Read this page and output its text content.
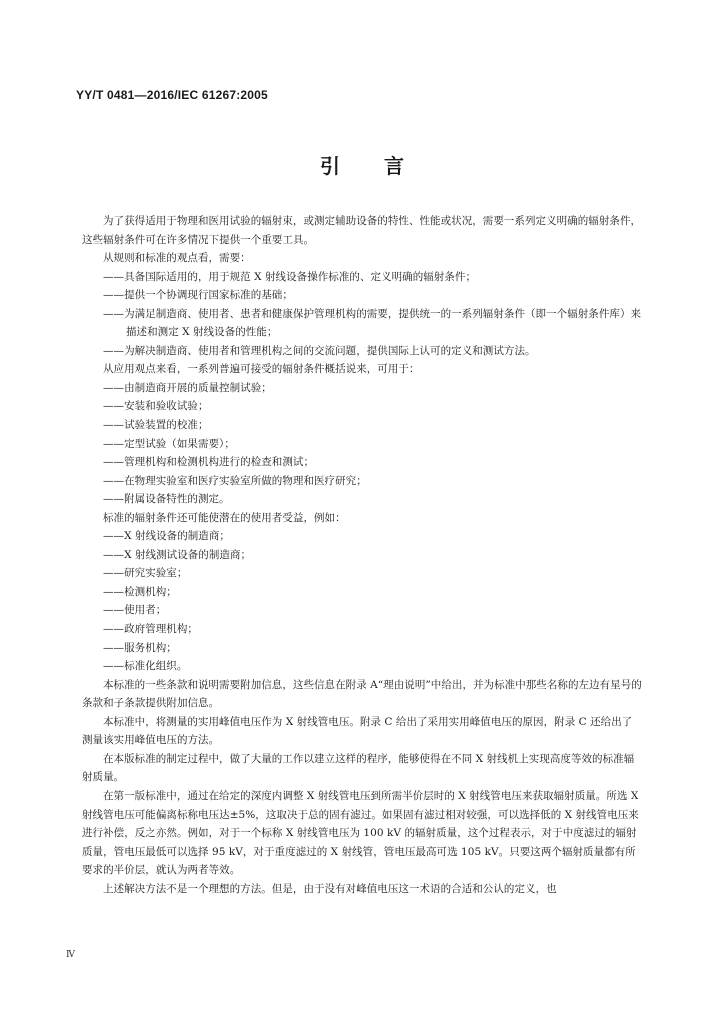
YY/T 0481—2016/IEC 61267:2005
引言

为了获得适用于物理和医用试验的辐射束，或测定辅助设备的特性、性能或状况，需要一系列定义明确的辐射条件，这些辐射条件可在许多情况下提供一个重要工具。

从规则和标准的观点看，需要：

——具备国际适用的，用于规范 X 射线设备操作标准的、定义明确的辐射条件；

——提供一个协调现行国家标准的基础；

——为满足制造商、使用者、患者和健康保护管理机构的需要，提供统一的一系列辐射条件（即一个辐射条件库）来描述和测定 X 射线设备的性能；

——为解决制造商、使用者和管理机构之间的交流问题，提供国际上认可的定义和测试方法。

从应用观点来看，一系列普遍可接受的辐射条件概括说来，可用于：

——由制造商开展的质量控制试验；

——安装和验收试验；

——试验装置的校准；

——定型试验（如果需要）；

——管理机构和检测机构进行的检查和测试；

——在物理实验室和医疗实验室所做的物理和医疗研究；

——附属设备特性的测定。

标准的辐射条件还可能使潜在的使用者受益，例如：

——X 射线设备的制造商；

——X 射线测试设备的制造商；

——研究实验室；

——检测机构；

——使用者；

——政府管理机构；

——服务机构；

——标准化组织。

本标准的一些条款和说明需要附加信息，这些信息在附录 A“理由说明”中给出，并为标准中那些名称的左边有星号的条款和子条款提供附加信息。

本标准中，将测量的实用峰值电压作为 X 射线管电压。附录 C 给出了采用实用峰值电压的原因，附录 C 还给出了测量该实用峰值电压的方法。

在本版标准的制定过程中，做了大量的工作以建立这样的程序，能够使得在不同 X 射线机上实现高度等效的标准辐射质量。

在第一版标准中，通过在给定的深度内调整 X 射线管电压到所需半价层时的 X 射线管电压来获取辐射质量。所选 X 射线管电压可能偏离标称电压达±5%，这取决于总的固有滤过。如果固有滤过相对较强，可以选择低的 X 射线管电压来进行补偿，反之亦然。例如，对于一个标称 X 射线管电压为 100 kV 的辐射质量，这个过程表示，对于中度滤过的辐射质量，管电压最低可以选择 95 kV，对于重度滤过的 X 射线管，管电压最高可选 105 kV。只要这两个辐射质量都有所要求的半价层，就认为两者等效。

上述解决方法不是一个理想的方法。但是，由于没有对峰值电压这一术语的合适和公认的定义，也

Ⅳ
